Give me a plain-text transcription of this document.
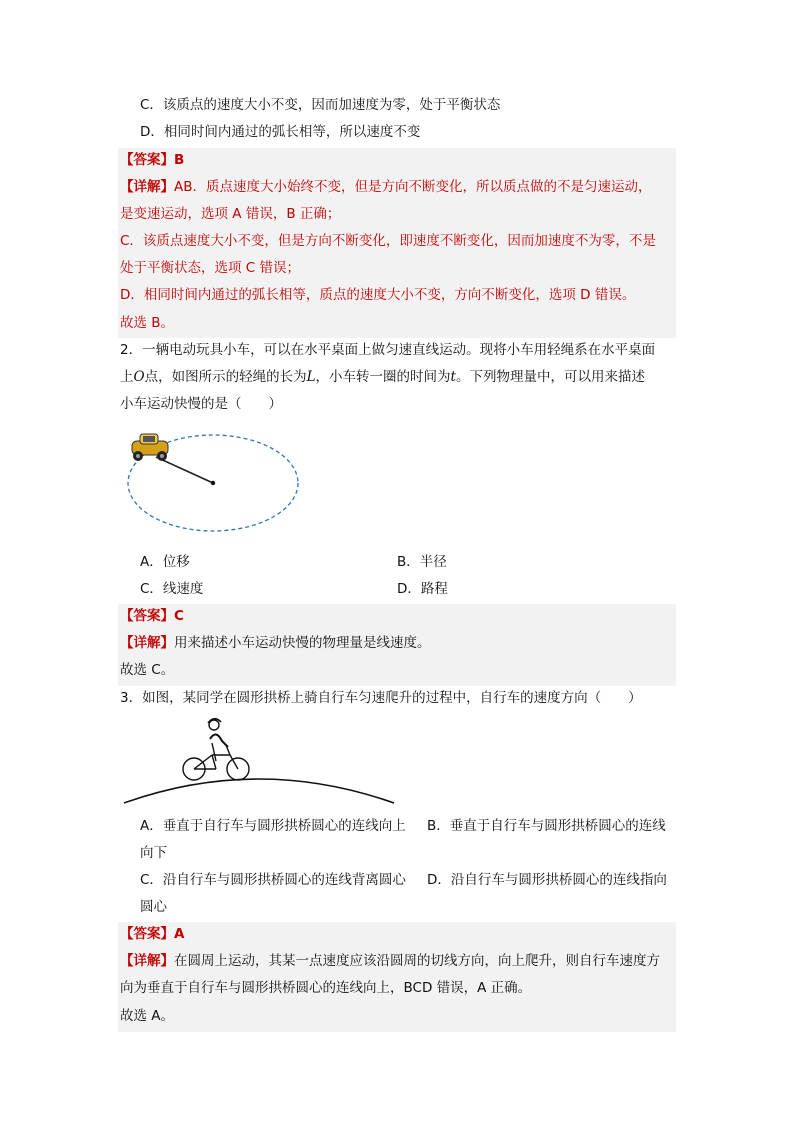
C．该质点的速度大小不变，因而加速度为零，处于平衡状态
D．相同时间内通过的弧长相等，所以速度不变
【答案】B
【详解】AB．质点速度大小始终不变，但是方向不断变化，所以质点做的不是匀速运动，
是变速运动，选项 A 错误，B 正确；
C．该质点速度大小不变，但是方向不断变化，即速度不断变化，因而加速度不为零，不是
处于平衡状态，选项 C 错误；
D．相同时间内通过的弧长相等，质点的速度大小不变，方向不断变化，选项 D 错误。
故选 B。
2．一辆电动玩具小车，可以在水平桌面上做匀速直线运动。现将小车用轻绳系在水平桌面
上O点，如图所示的轻绳的长为L，小车转一圈的时间为t。下列物理量中，可以用来描述
小车运动快慢的是（　　）
A．位移	B．半径
C．线速度	D．路程
【答案】C
【详解】用来描述小车运动快慢的物理量是线速度。
故选 C。
3．如图，某同学在圆形拱桥上骑自行车匀速爬升的过程中，自行车的速度方向（　　）
A．垂直于自行车与圆形拱桥圆心的连线向上 B．垂直于自行车与圆形拱桥圆心的连线
向下
C．沿自行车与圆形拱桥圆心的连线背离圆心 D．沿自行车与圆形拱桥圆心的连线指向
圆心
【答案】A
【详解】在圆周上运动，其某一点速度应该沿圆周的切线方向，向上爬升，则自行车速度方
向为垂直于自行车与圆形拱桥圆心的连线向上，BCD 错误，A 正确。
故选 A。
